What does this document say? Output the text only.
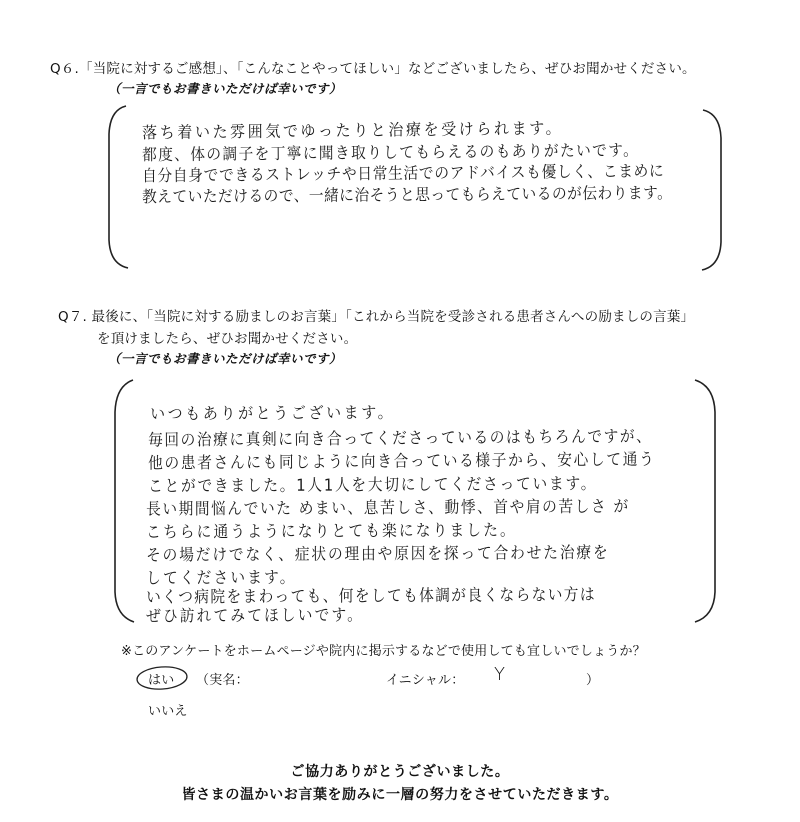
Q６.「当院に対するご感想」、「こんなことやってほしい」などございましたら、ぜひお聞かせください。
（一言でもお書きいただけば幸いです）
落ち着いた雰囲気でゆったりと治療を受けられます。
都度、体の調子を丁寧に聞き取りしてもらえるのもありがたいです。
自分自身でできるストレッチや日常生活でのアドバイスも優しく、こまめに
教えていただけるので、一緒に治そうと思ってもらえているのが伝わります。
Q７. 最後に、「当院に対する励ましのお言葉」「これから当院を受診される患者さんへの励ましの言葉」
を頂けましたら、ぜひお聞かせください。
（一言でもお書きいただけば幸いです）
いつもありがとうございます。
毎回の治療に真剣に向き合ってくださっているのはもちろんですが、
他の患者さんにも同じように向き合っている様子から、安心して通う
ことができました。1人1人を大切にしてくださっています。
長い期間悩んでいた めまい、息苦しさ、動悸、首や肩の苦しさ が
こちらに通うようになりとても楽になりました。
その場だけでなく、症状の理由や原因を探って合わせた治療を
してくださいます。
いくつ病院をまわっても、何をしても体調が良くならない方は
ぜひ訪れてみてほしいです。
※このアンケートをホームページや院内に掲示するなどで使用しても宜しいでしょうか？
はい （実名：	イニシャル： Y	）
いいえ
ご協力ありがとうございました。
皆さまの温かいお言葉を励みに一層の努力をさせていただきます。
